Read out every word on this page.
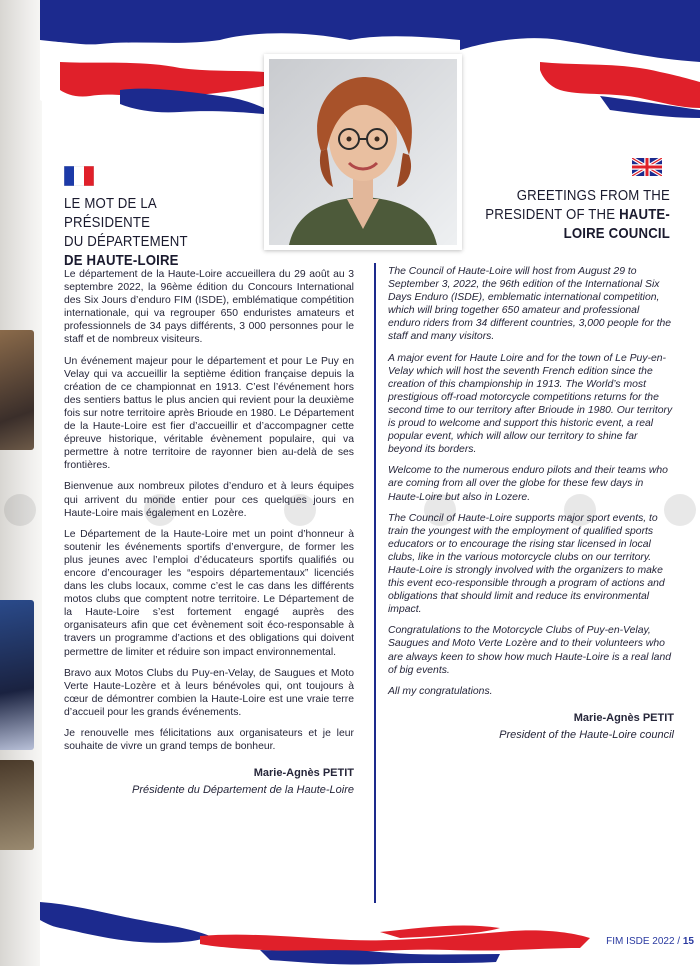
LE MOT DE LA PRÉSIDENTE
DU DÉPARTEMENT
DE HAUTE-LOIRE
GREETINGS FROM THE
PRESIDENT OF THE HAUTE-
LOIRE COUNCIL

Le département de la Haute-Loire accueillera du 29 août au 3 septembre 2022, la 96ème édition du Concours International des Six Jours d’enduro FIM (ISDE), emblématique compétition internationale, qui va regrouper 650 enduristes amateurs et professionnels de 34 pays différents, 3 000 personnes pour le staff et de nombreux visiteurs.

Un événement majeur pour le département et pour Le Puy en Velay qui va accueillir la septième édition française depuis la création de ce championnat en 1913. C’est l’événement hors des sentiers battus le plus ancien qui revient pour la deuxième fois sur notre territoire après Brioude en 1980. Le Département de la Haute-Loire est fier d’accueillir et d’accompagner cette épreuve historique, véritable évènement populaire, qui va permettre à notre territoire de rayonner bien au-delà de ses frontières.

Bienvenue aux nombreux pilotes d’enduro et à leurs équipes qui arrivent du monde entier pour ces quelques jours en Haute-Loire mais également en Lozère.

Le Département de la Haute-Loire met un point d’honneur à soutenir les événements sportifs d’envergure, de former les plus jeunes avec l’emploi d’éducateurs sportifs qualifiés ou encore d’encourager les “espoirs départementaux” licenciés dans les clubs locaux, comme c’est le cas dans les différents motos clubs que comptent notre territoire. Le Département de la Haute-Loire s’est fortement engagé auprès des organisateurs afin que cet évènement soit éco-responsable à travers un programme d’actions et des obligations qui doivent permettre de limiter et réduire son impact environnemental.

Bravo aux Motos Clubs du Puy-en-Velay, de Saugues et Moto Verte Haute-Lozère et à leurs bénévoles qui, ont toujours à cœur de démontrer combien la Haute-Loire est une vraie terre d’accueil pour les grands événements.

Je renouvelle mes félicitations aux organisateurs et je leur souhaite de vivre un grand temps de bonheur.

Marie-Agnès PETIT
Présidente du Département de la Haute-Loire

The Council of Haute-Loire will host from August 29 to September 3, 2022, the 96th edition of the International Six Days Enduro (ISDE), emblematic international competition, which will bring together 650 amateur and professional enduro riders from 34 different countries, 3,000 people for the staff and many visitors.

A major event for Haute Loire and for the town of Le Puy-en-Velay which will host the seventh French edition since the creation of this championship in 1913. The World’s most prestigious off-road motorcycle competitions returns for the second time to our territory after Brioude in 1980. Our territory is proud to welcome and support this historic event, a real popular event, which will allow our territory to shine far beyond its borders.

Welcome to the numerous enduro pilots and their teams who are coming from all over the globe for these few days in Haute-Loire but also in Lozere.

The Council of Haute-Loire supports major sport events, to train the youngest with the employment of qualified sports educators or to encourage the rising star licensed in local clubs, like in the various motorcycle clubs on our territory. Haute-Loire is strongly involved with the organizers to make this event eco-responsible through a program of actions and obligations that should limit and reduce its environmental impact.

Congratulations to the Motorcycle Clubs of Puy-en-Velay, Saugues and Moto Verte Lozère and to their volunteers who are always keen to show how much Haute-Loire is a real land of big events.

All my congratulations.

Marie-Agnès PETIT
President of the Haute-Loire council
FIM ISDE 2022 / 15
